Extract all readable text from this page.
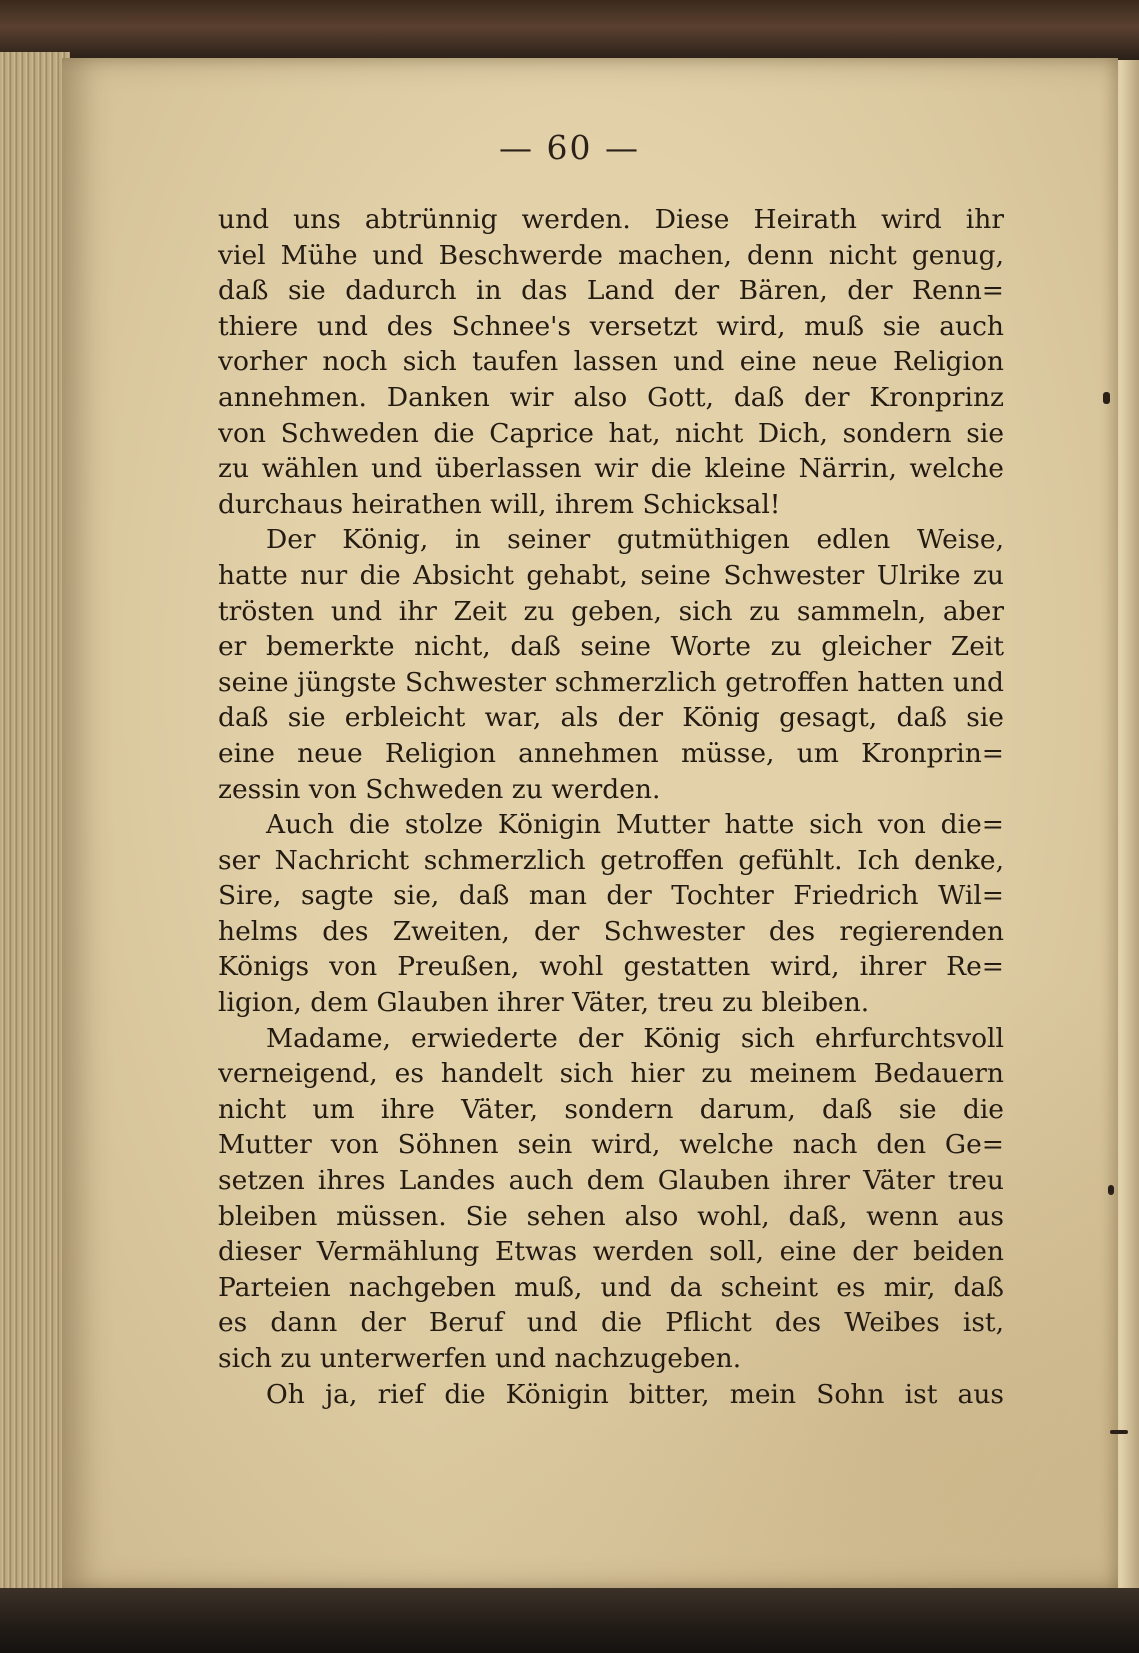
— 60 —
und uns abtrünnig werden. Diese Heirath wird ihr
viel Mühe und Beschwerde machen, denn nicht genug,
daß sie dadurch in das Land der Bären, der Renn=
thiere und des Schnee's versetzt wird, muß sie auch
vorher noch sich taufen lassen und eine neue Religion
annehmen. Danken wir also Gott, daß der Kronprinz
von Schweden die Caprice hat, nicht Dich, sondern sie
zu wählen und überlassen wir die kleine Närrin, welche
durchaus heirathen will, ihrem Schicksal!
Der König, in seiner gutmüthigen edlen Weise,
hatte nur die Absicht gehabt, seine Schwester Ulrike zu
trösten und ihr Zeit zu geben, sich zu sammeln, aber
er bemerkte nicht, daß seine Worte zu gleicher Zeit
seine jüngste Schwester schmerzlich getroffen hatten und
daß sie erbleicht war, als der König gesagt, daß sie
eine neue Religion annehmen müsse, um Kronprin=
zessin von Schweden zu werden.
Auch die stolze Königin Mutter hatte sich von die=
ser Nachricht schmerzlich getroffen gefühlt. Ich denke,
Sire, sagte sie, daß man der Tochter Friedrich Wil=
helms des Zweiten, der Schwester des regierenden
Königs von Preußen, wohl gestatten wird, ihrer Re=
ligion, dem Glauben ihrer Väter, treu zu bleiben.
Madame, erwiederte der König sich ehrfurchtsvoll
verneigend, es handelt sich hier zu meinem Bedauern
nicht um ihre Väter, sondern darum, daß sie die
Mutter von Söhnen sein wird, welche nach den Ge=
setzen ihres Landes auch dem Glauben ihrer Väter treu
bleiben müssen. Sie sehen also wohl, daß, wenn aus
dieser Vermählung Etwas werden soll, eine der beiden
Parteien nachgeben muß, und da scheint es mir, daß
es dann der Beruf und die Pflicht des Weibes ist,
sich zu unterwerfen und nachzugeben.
Oh ja, rief die Königin bitter, mein Sohn ist aus
